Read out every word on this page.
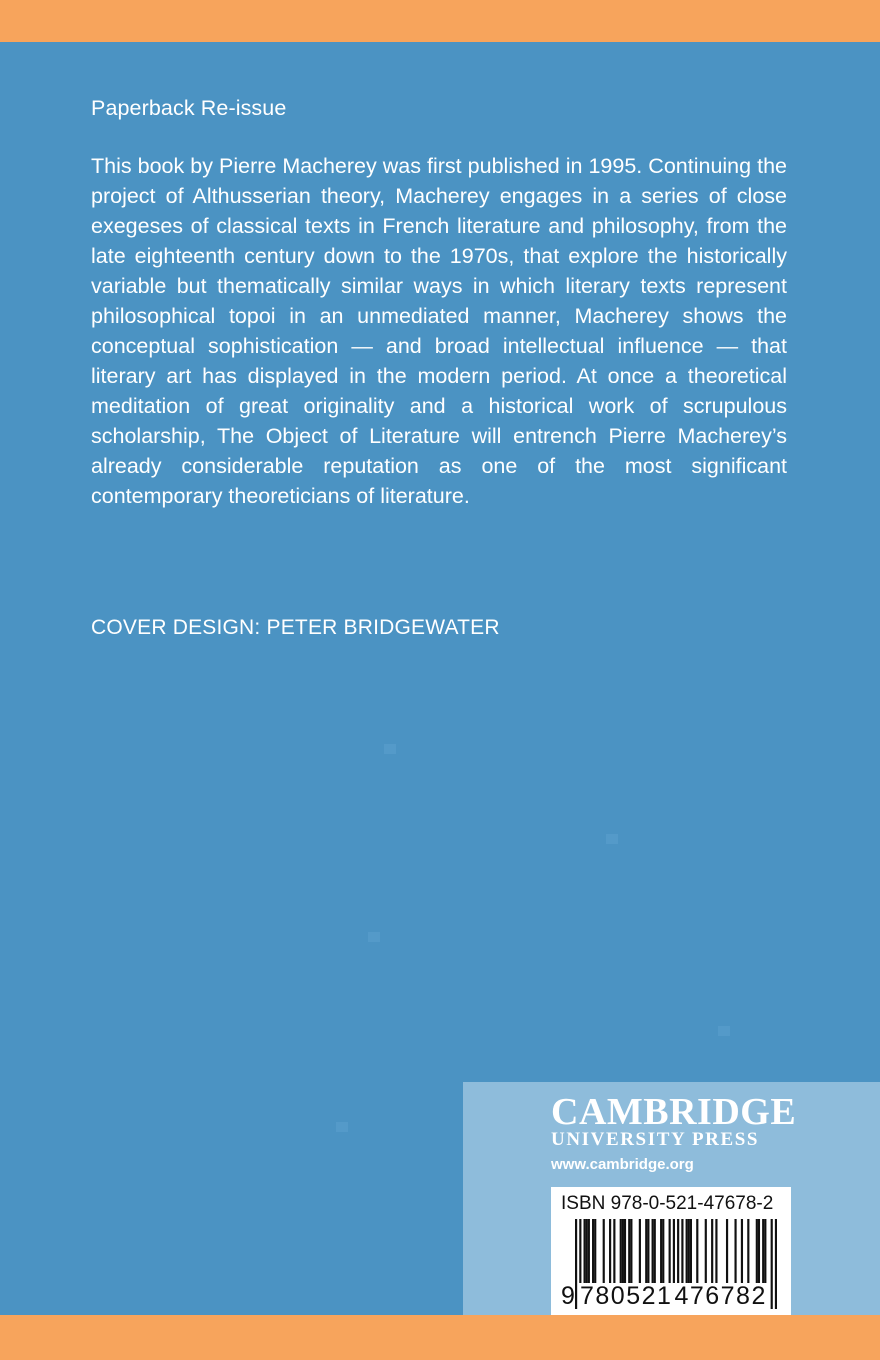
Paperback Re-issue

This book by Pierre Macherey was first published in 1995. Continuing the project of Althusserian theory, Macherey engages in a series of close exegeses of classical texts in French literature and philosophy, from the late eighteenth century down to the 1970s, that explore the historically variable but thematically similar ways in which literary texts represent philosophical topoi in an unmediated manner, Macherey shows the conceptual sophistication — and broad intellectual influence — that literary art has displayed in the modern period. At once a theoretical meditation of great originality and a historical work of scrupulous scholarship, The Object of Literature will entrench Pierre Macherey’s already considerable reputation as one of the most significant contemporary theoreticians of literature.

COVER DESIGN: PETER BRIDGEWATER

CAMBRIDGE

UNIVERSITY PRESS

www.cambridge.org

ISBN 978-0-521-47678-2

9 780521476782
